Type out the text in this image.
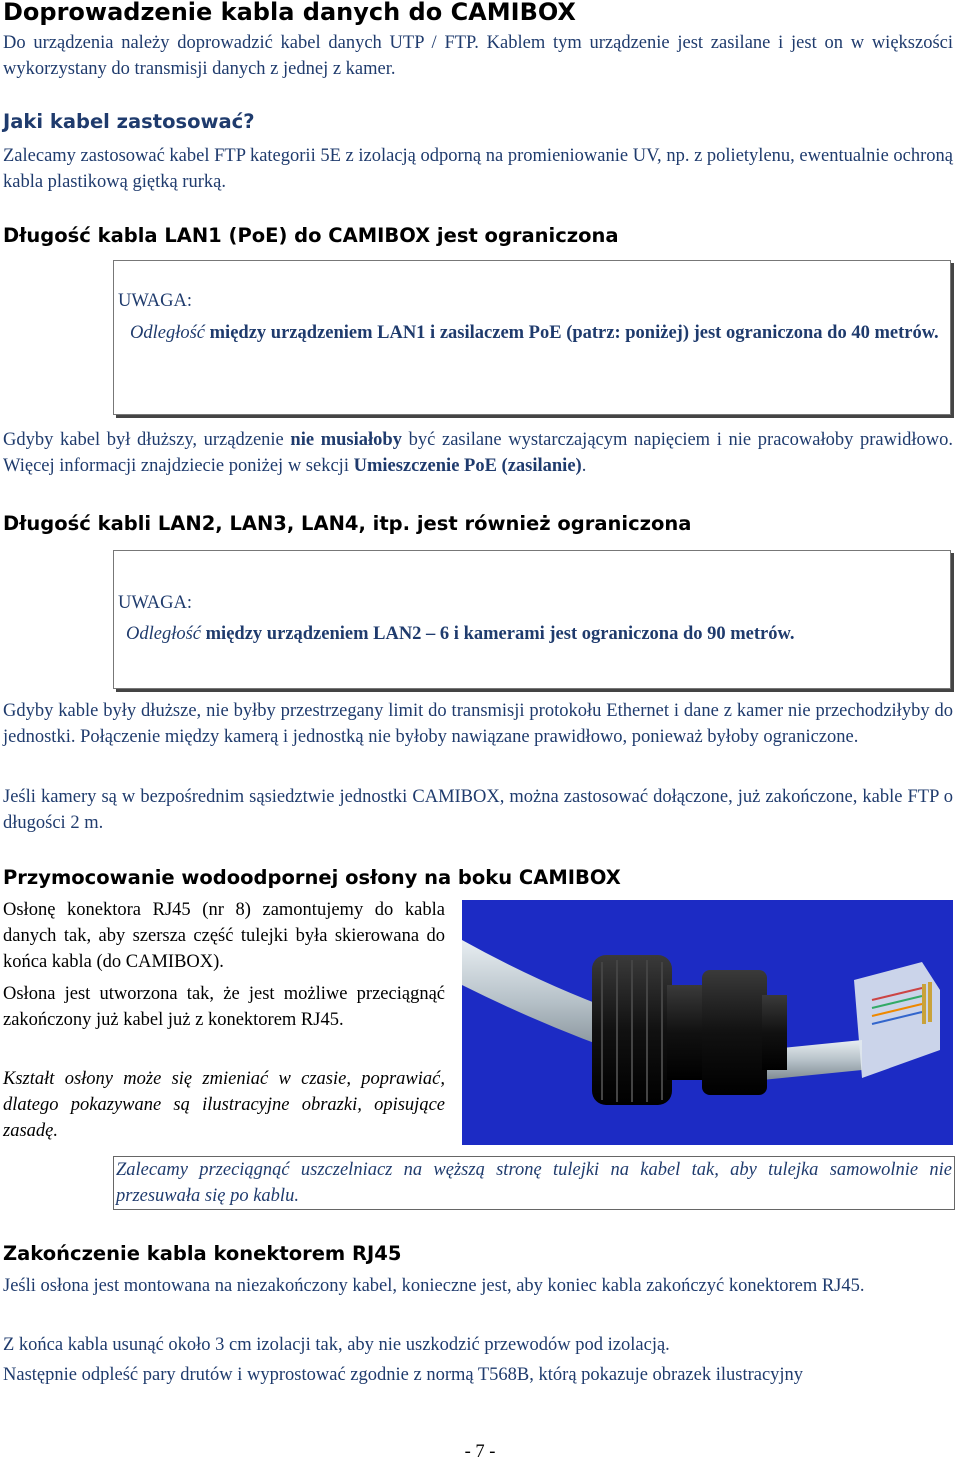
Doprowadzenie kabla danych do CAMIBOX
Do urządzenia należy doprowadzić kabel danych UTP / FTP. Kablem tym urządzenie jest zasilane i jest on w większości wykorzystany do transmisji danych z jednej z kamer.
Jaki kabel zastosować?
Zalecamy zastosować kabel FTP kategorii 5E z izolacją odporną na promieniowanie UV, np. z polietylenu, ewentualnie ochroną kabla plastikową giętką rurką.
Długość kabla LAN1 (PoE) do CAMIBOX jest ograniczona
UWAGA:
Odległość między urządzeniem LAN1 i zasilaczem PoE (patrz: poniżej) jest ograniczona do 40 metrów.
Gdyby kabel był dłuższy, urządzenie nie musiałoby być zasilane wystarczającym napięciem i nie pracowałoby prawidłowo. Więcej informacji znajdziecie poniżej w sekcji Umieszczenie PoE (zasilanie).
Długość kabli LAN2, LAN3, LAN4, itp. jest również ograniczona
UWAGA:
Odległość między urządzeniem LAN2 – 6 i kamerami jest ograniczona do 90 metrów.
Gdyby kable były dłuższe, nie byłby przestrzegany limit do transmisji protokołu Ethernet i dane z kamer nie przechodziłyby do jednostki. Połączenie między kamerą i jednostką nie byłoby nawiązane prawidłowo, ponieważ byłoby ograniczone.
Jeśli kamery są w bezpośrednim sąsiedztwie jednostki CAMIBOX, można zastosować dołączone, już zakończone, kable FTP o długości 2 m.
Przymocowanie wodoodpornej osłony na boku CAMIBOX
Osłonę konektora RJ45 (nr 8) zamontujemy do kabla danych tak, aby szersza część tulejki była skierowana do końca kabla (do CAMIBOX).
Osłona jest utworzona tak, że jest możliwe przeciągnąć zakończony już kabel już z konektorem RJ45.
Kształt osłony może się zmieniać w czasie, poprawiać, dlatego pokazywane są ilustracyjne obrazki, opisujące zasadę.
Zalecamy przeciągnąć uszczelniacz na węższą stronę tulejki na kabel tak, aby tulejka samowolnie nie przesuwała się po kablu.
Zakończenie kabla konektorem RJ45
Jeśli osłona jest montowana na niezakończony kabel, konieczne jest, aby koniec kabla zakończyć konektorem RJ45.
Z końca kabla usunąć około 3 cm izolacji tak, aby nie uszkodzić przewodów pod izolacją.
Następnie odpleść pary drutów i wyprostować zgodnie z normą T568B, którą pokazuje obrazek ilustracyjny
- 7 -
